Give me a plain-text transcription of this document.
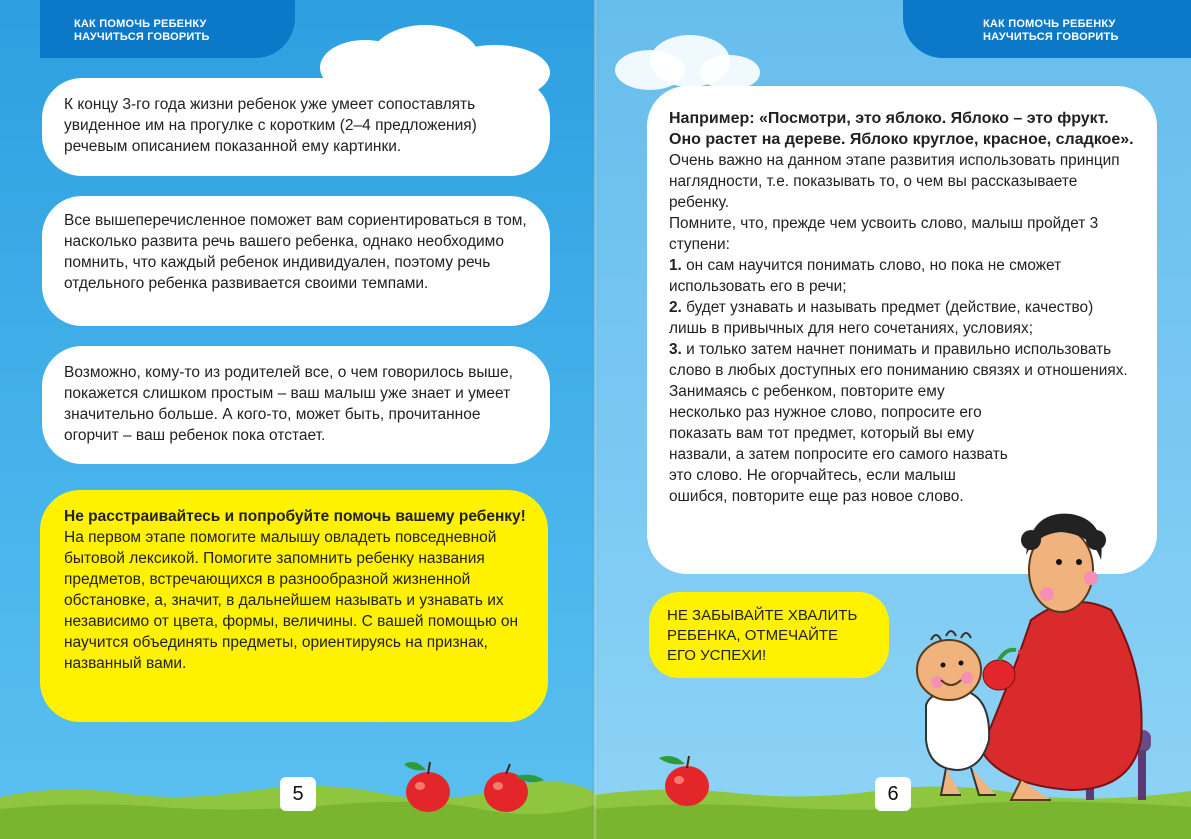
КАК ПОМОЧЬ РЕБЕНКУ
НАУЧИТЬСЯ ГОВОРИТЬ

К концу 3-го года жизни ребенок уже умеет сопоставлять увиденное им на прогулке с коротким (2–4 предложения) речевым описанием показанной ему картинки.

Все вышеперечисленное поможет вам сориентироваться в том, насколько развита речь вашего ребенка, однако необходимо помнить, что каждый ребенок индивидуален, поэтому речь отдельного ребенка развивается своими темпами.

Возможно, кому-то из родителей все, о чем говорилось выше, покажется слишком простым – ваш малыш уже знает и умеет значительно больше. А кого-то, может быть, прочитанное огорчит – ваш ребенок пока отстает.

Не расстраивайтесь и попробуйте помочь вашему ребенку!

На первом этапе помогите малышу овладеть повседневной бытовой лексикой. Помогите запомнить ребенку названия предметов, встречающихся в разнообразной жизненной обстановке, а, значит, в дальнейшем называть и узнавать их независимо от цвета, формы, величины. С вашей помощью он научится объединять предметы, ориентируясь на признак, названный вами.

5
КАК ПОМОЧЬ РЕБЕНКУ
НАУЧИТЬСЯ ГОВОРИТЬ

Например: «Посмотри, это яблоко. Яблоко – это фрукт. Оно растет на дереве. Яблоко круглое, красное, сладкое».

Очень важно на данном этапе развития использовать принцип наглядности, т.е. показывать то, о чем вы рассказываете ребенку.

Помните, что, прежде чем усвоить слово, малыш пройдет 3 ступени:

1. он сам научится понимать слово, но пока не сможет использовать его в речи;

2. будет узнавать и называть предмет (действие, качество) лишь в привычных для него сочетаниях, условиях;

3. и только затем начнет понимать и правильно использовать слово в любых доступных его пониманию связях и отношениях.

Занимаясь с ребенком, повторите ему несколько раз нужное слово, попросите его показать вам тот предмет, который вы ему назвали, а затем попросите его самого назвать это слово. Не огорчайтесь, если малыш ошибся, повторите еще раз новое слово.

НЕ ЗАБЫВАЙТЕ ХВАЛИТЬ РЕБЕНКА, ОТМЕЧАЙТЕ ЕГО УСПЕХИ!
6
